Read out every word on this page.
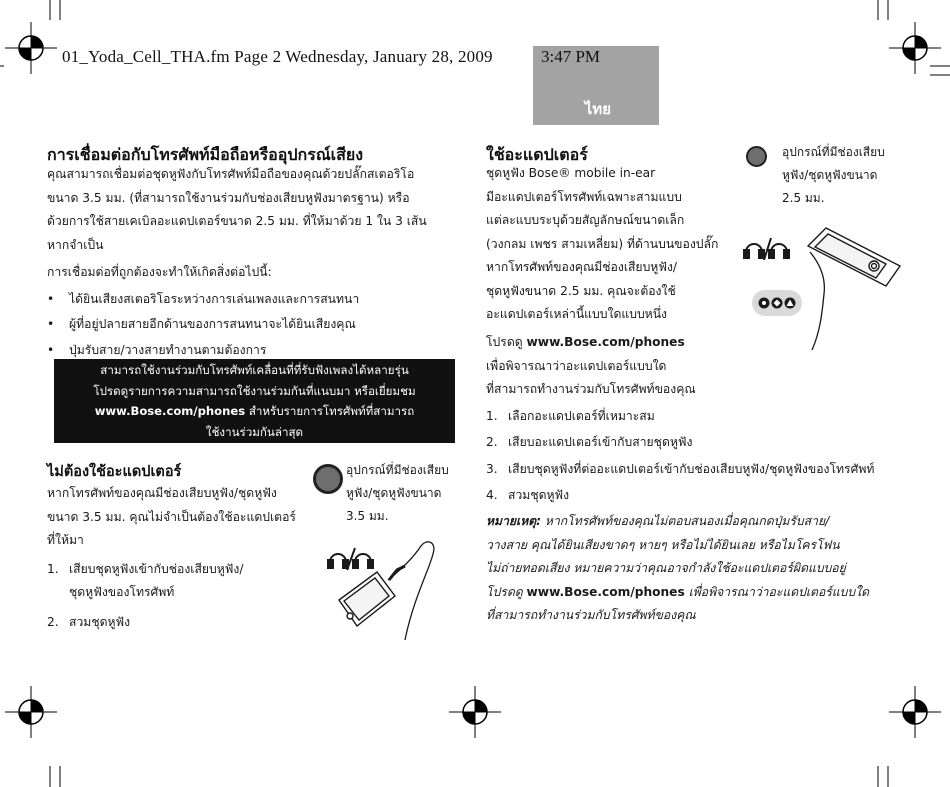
ไทย
01_Yoda_Cell_THA.fm Page 2 Wednesday, January 28, 2009	3:47 PM
การเชื่อมต่อกับโทรศัพท์มือถือหรืออุปกรณ์เสียง

คุณสามารถเชื่อมต่อชุดหูฟังกับโทรศัพท์มือถือของคุณด้วยปลั๊กสเตอริโอ

ขนาด 3.5 มม. (ที่สามารถใช้งานร่วมกับช่องเสียบหูฟังมาตรฐาน) หรือ

ด้วยการใช้สายเคเบิลอะแดปเตอร์ขนาด 2.5 มม. ที่ให้มาด้วย 1 ใน 3 เส้น

หากจำเป็น

การเชื่อมต่อที่ถูกต้องจะทำให้เกิดสิ่งต่อไปนี้:

• ได้ยินเสียงสเตอริโอระหว่างการเล่นเพลงและการสนทนา
• ผู้ที่อยู่ปลายสายอีกด้านของการสนทนาจะได้ยินเสียงคุณ
• ปุ่มรับสาย/วางสายทำงานตามต้องการ

สามารถใช้งานร่วมกับโทรศัพท์เคลื่อนที่ที่รับฟังเพลงได้หลายรุ่น

โปรดดูรายการความสามารถใช้งานร่วมกันที่แนบมา หรือเยี่ยมชม

www.Bose.com/phones สำหรับรายการโทรศัพท์ที่สามารถ

ใช้งานร่วมกันล่าสุด

ไม่ต้องใช้อะแดปเตอร์

หากโทรศัพท์ของคุณมีช่องเสียบหูฟัง/ชุดหูฟัง

ขนาด 3.5 มม. คุณไม่จำเป็นต้องใช้อะแดปเตอร์

ที่ให้มา

1. เสียบชุดหูฟังเข้ากับช่องเสียบหูฟัง/
ชุดหูฟังของโทรศัพท์
2. สวมชุดหูฟัง
อุปกรณ์ที่มีช่องเสียบ
หูฟัง/ชุดหูฟังขนาด
3.5 มม.
ใช้อะแดปเตอร์

ชุดหูฟัง Bose® mobile in-ear

มีอะแดปเตอร์โทรศัพท์เฉพาะสามแบบ

แต่ละแบบระบุด้วยสัญลักษณ์ขนาดเล็ก

(วงกลม เพชร สามเหลี่ยม) ที่ด้านบนของปลั๊ก

หากโทรศัพท์ของคุณมีช่องเสียบหูฟัง/

ชุดหูฟังขนาด 2.5 มม. คุณจะต้องใช้

อะแดปเตอร์เหล่านี้แบบใดแบบหนึ่ง

อุปกรณ์ที่มีช่องเสียบ
หูฟัง/ชุดหูฟังขนาด
2.5 มม.

โปรดดู www.Bose.com/phones

เพื่อพิจารณาว่าอะแดปเตอร์แบบใด

ที่สามารถทำงานร่วมกับโทรศัพท์ของคุณ

1. เลือกอะแดปเตอร์ที่เหมาะสม
2. เสียบอะแดปเตอร์เข้ากับสายชุดหูฟัง
3. เสียบชุดหูฟังที่ต่ออะแดปเตอร์เข้ากับช่องเสียบหูฟัง/ชุดหูฟังของโทรศัพท์
4. สวมชุดหูฟัง

หมายเหตุ: หากโทรศัพท์ของคุณไม่ตอบสนองเมื่อคุณกดปุ่มรับสาย/

วางสาย คุณได้ยินเสียงขาดๆ หายๆ หรือไม่ได้ยินเลย หรือไมโครโฟน

ไม่ถ่ายทอดเสียง หมายความว่าคุณอาจกำลังใช้อะแดปเตอร์ผิดแบบอยู่

โปรดดู www.Bose.com/phones เพื่อพิจารณาว่าอะแดปเตอร์แบบใด

ที่สามารถทำงานร่วมกับโทรศัพท์ของคุณ
